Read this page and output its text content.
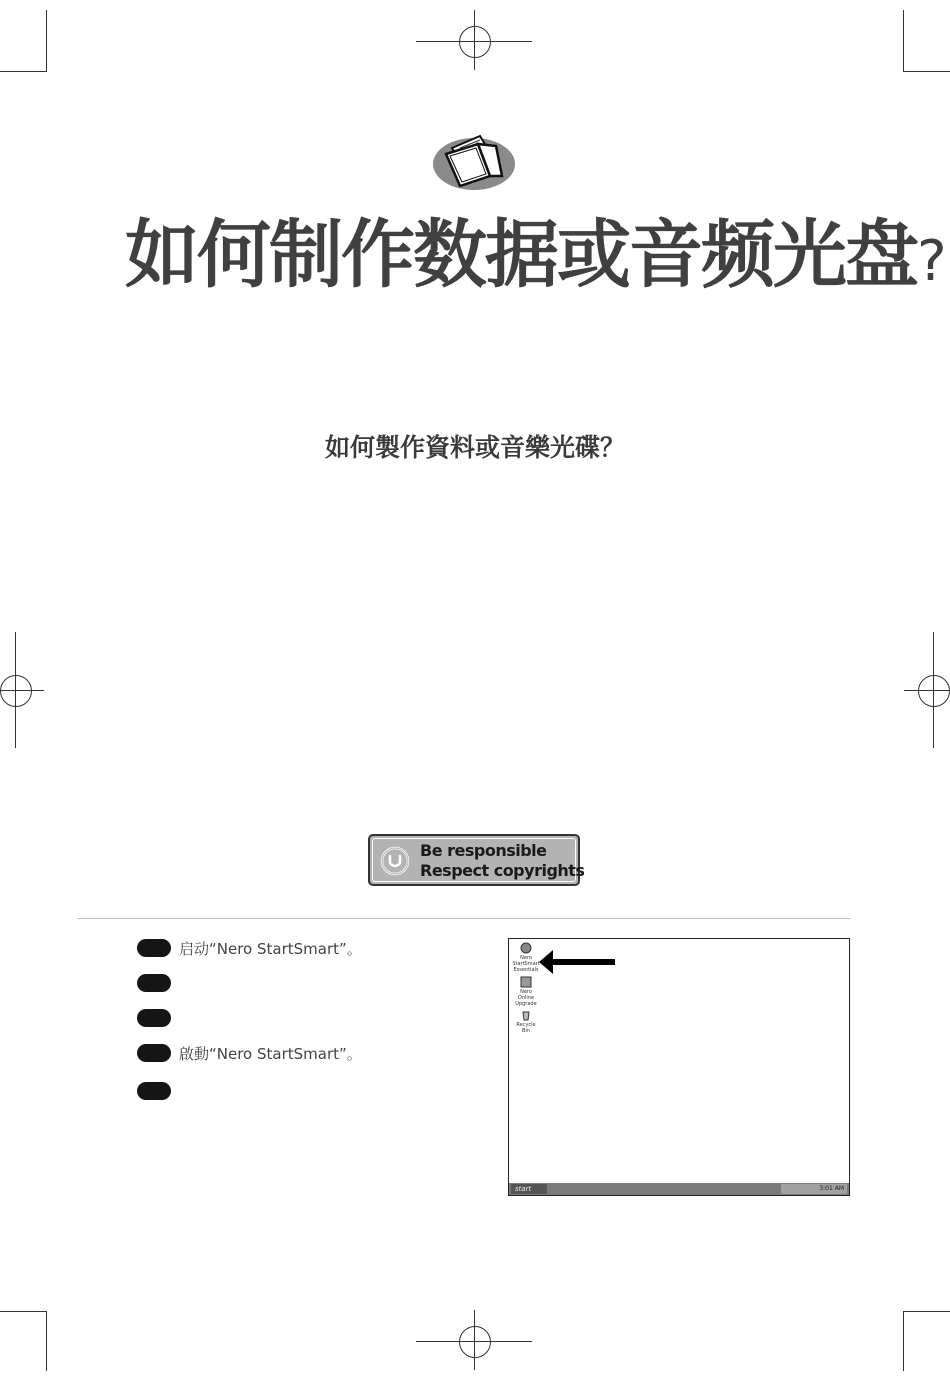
如何制作数据或音频光盘?
如何製作資料或音樂光碟？
Be responsible
Respect copyrights
启动“Nero StartSmart”。
啟動“Nero StartSmart”。
Nero StartSmart Essentials
Nero Online Upgrade
Recycle Bin
start	3:01 AM
